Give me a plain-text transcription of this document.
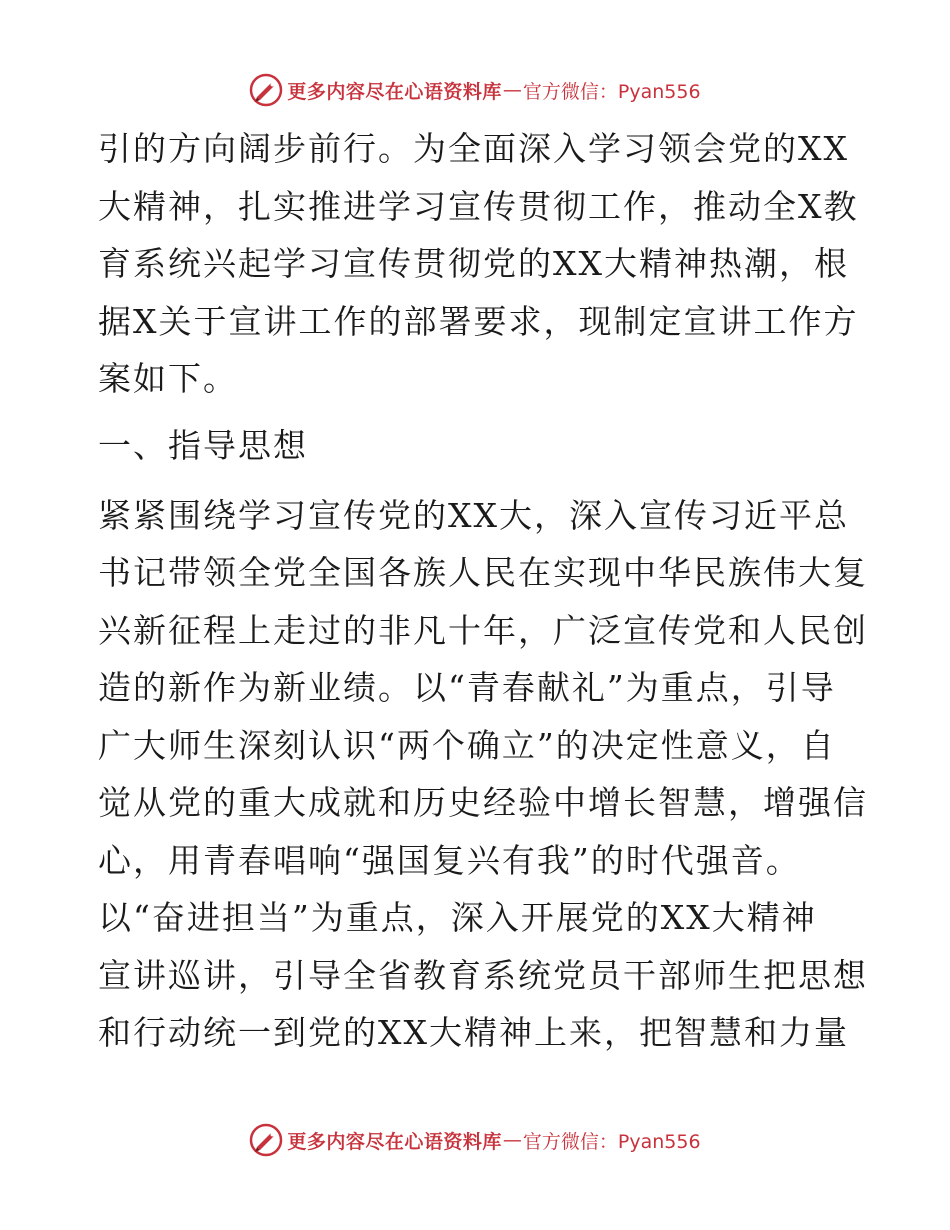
更多内容尽在心语资料库 — 官方微信：Pyan556
引的方向阔步前行。为全面深入学习领会党的XX
大精神，扎实推进学习宣传贯彻工作，推动全X教
育系统兴起学习宣传贯彻党的XX大精神热潮，根
据X关于宣讲工作的部署要求，现制定宣讲工作方
案如下。
一、指导思想
紧紧围绕学习宣传党的XX大，深入宣传习近平总
书记带领全党全国各族人民在实现中华民族伟大复
兴新征程上走过的非凡十年，广泛宣传党和人民创
造的新作为新业绩。以“青春献礼”为重点，引导
广大师生深刻认识“两个确立”的决定性意义，自
觉从党的重大成就和历史经验中增长智慧，增强信
心，用青春唱响“强国复兴有我”的时代强音。
以“奋进担当”为重点，深入开展党的XX大精神
宣讲巡讲，引导全省教育系统党员干部师生把思想
和行动统一到党的XX大精神上来，把智慧和力量
更多内容尽在心语资料库 — 官方微信：Pyan556
